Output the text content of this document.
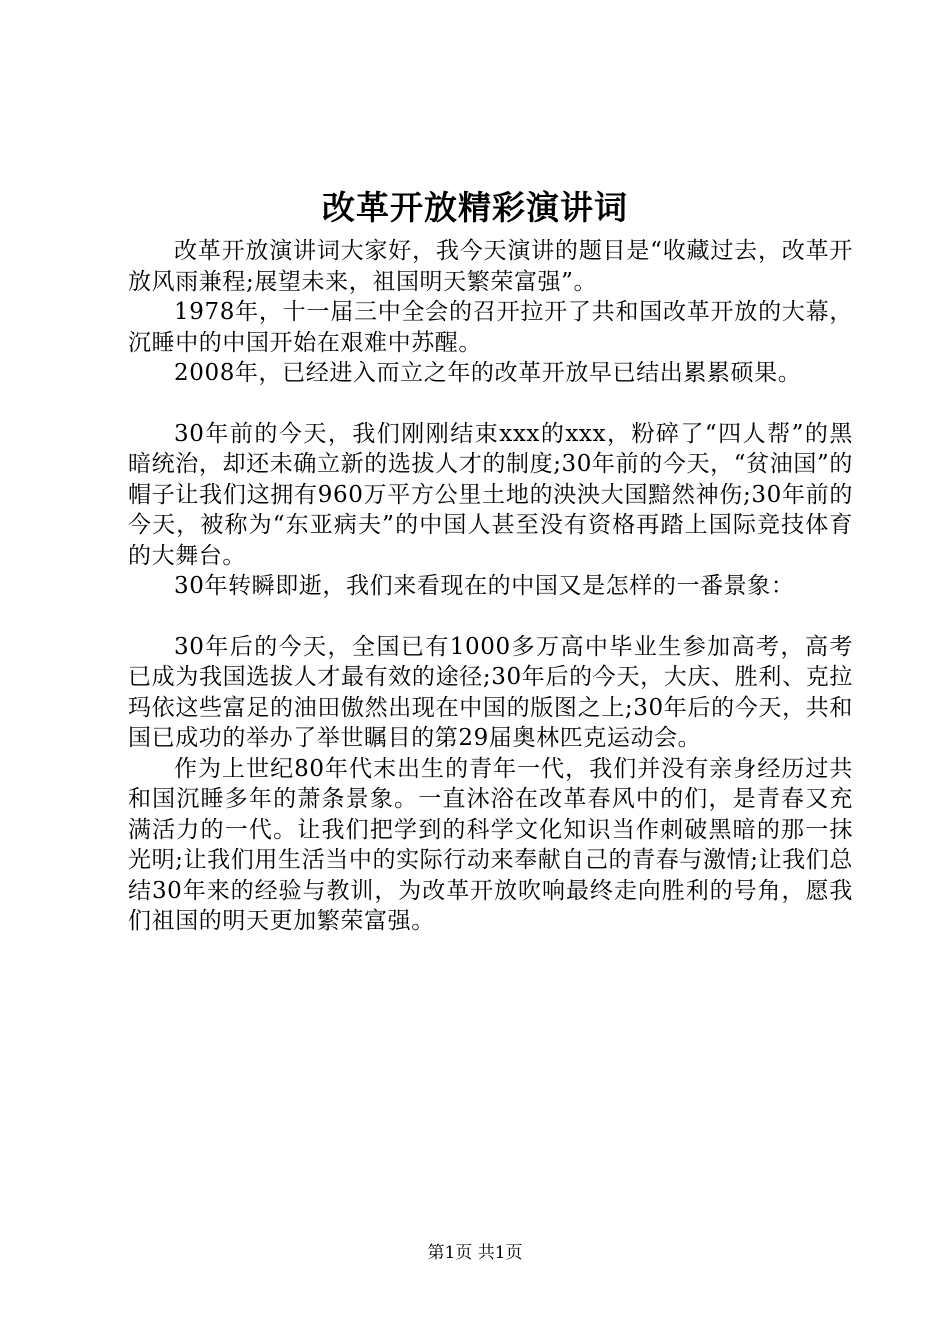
改革开放精彩演讲词

改革开放演讲词大家好，我今天演讲的题目是“收藏过去，改革开放风雨兼程;展望未来，祖国明天繁荣富强”。

1978年，十一届三中全会的召开拉开了共和国改革开放的大幕，沉睡中的中国开始在艰难中苏醒。

2008年，已经进入而立之年的改革开放早已结出累累硕果。

30年前的今天，我们刚刚结束xxx的xxx，粉碎了“四人帮”的黑暗统治，却还未确立新的选拔人才的制度;30年前的今天，“贫油国”的帽子让我们这拥有960万平方公里土地的泱泱大国黯然神伤;30年前的今天，被称为“东亚病夫”的中国人甚至没有资格再踏上国际竞技体育的大舞台。

30年转瞬即逝，我们来看现在的中国又是怎样的一番景象：

30年后的今天，全国已有1000多万高中毕业生参加高考，高考已成为我国选拔人才最有效的途径;30年后的今天，大庆、胜利、克拉玛依这些富足的油田傲然出现在中国的版图之上;30年后的今天，共和国已成功的举办了举世瞩目的第29届奥林匹克运动会。

作为上世纪80年代末出生的青年一代，我们并没有亲身经历过共和国沉睡多年的萧条景象。一直沐浴在改革春风中的们，是青春又充满活力的一代。让我们把学到的科学文化知识当作刺破黑暗的那一抹光明;让我们用生活当中的实际行动来奉献自己的青春与激情;让我们总结30年来的经验与教训，为改革开放吹响最终走向胜利的号角，愿我们祖国的明天更加繁荣富强。

第1页 共1页
